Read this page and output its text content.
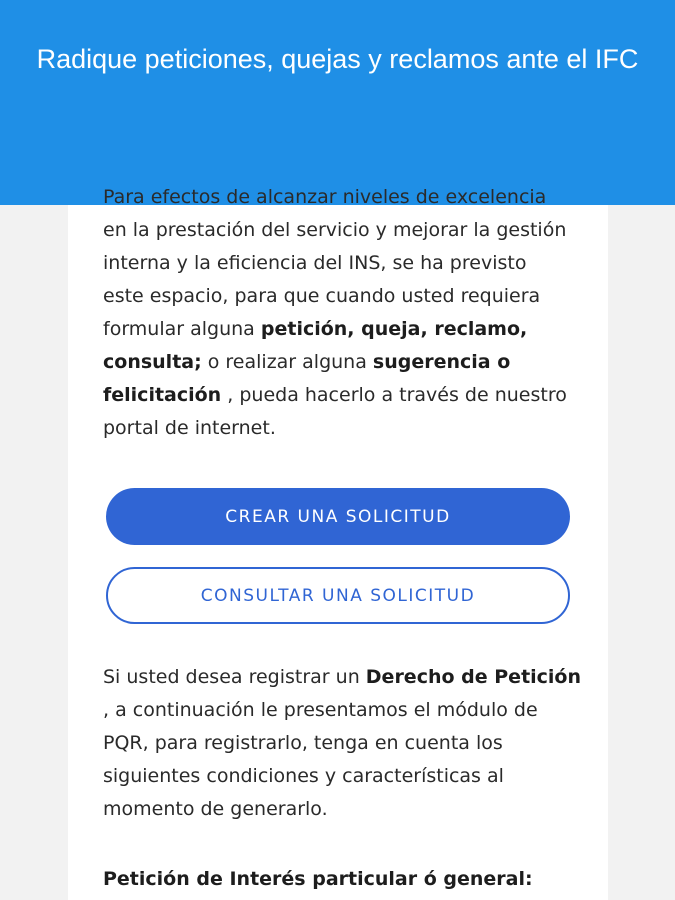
Radique peticiones, quejas y reclamos ante el IFC

Para efectos de alcanzar niveles de excelencia en la prestación del servicio y mejorar la gestión interna y la eficiencia del INS, se ha previsto este espacio, para que cuando usted requiera formular alguna petición, queja, reclamo, consulta; o realizar alguna sugerencia o felicitación , pueda hacerlo a través de nuestro portal de internet.

CREAR UNA SOLICITUD
CONSULTAR UNA SOLICITUD

Si usted desea registrar un Derecho de Petición , a continuación le presentamos el módulo de PQR, para registrarlo, tenga en cuenta los siguientes condiciones y características al momento de generarlo.

Petición de Interés particular ó general:
